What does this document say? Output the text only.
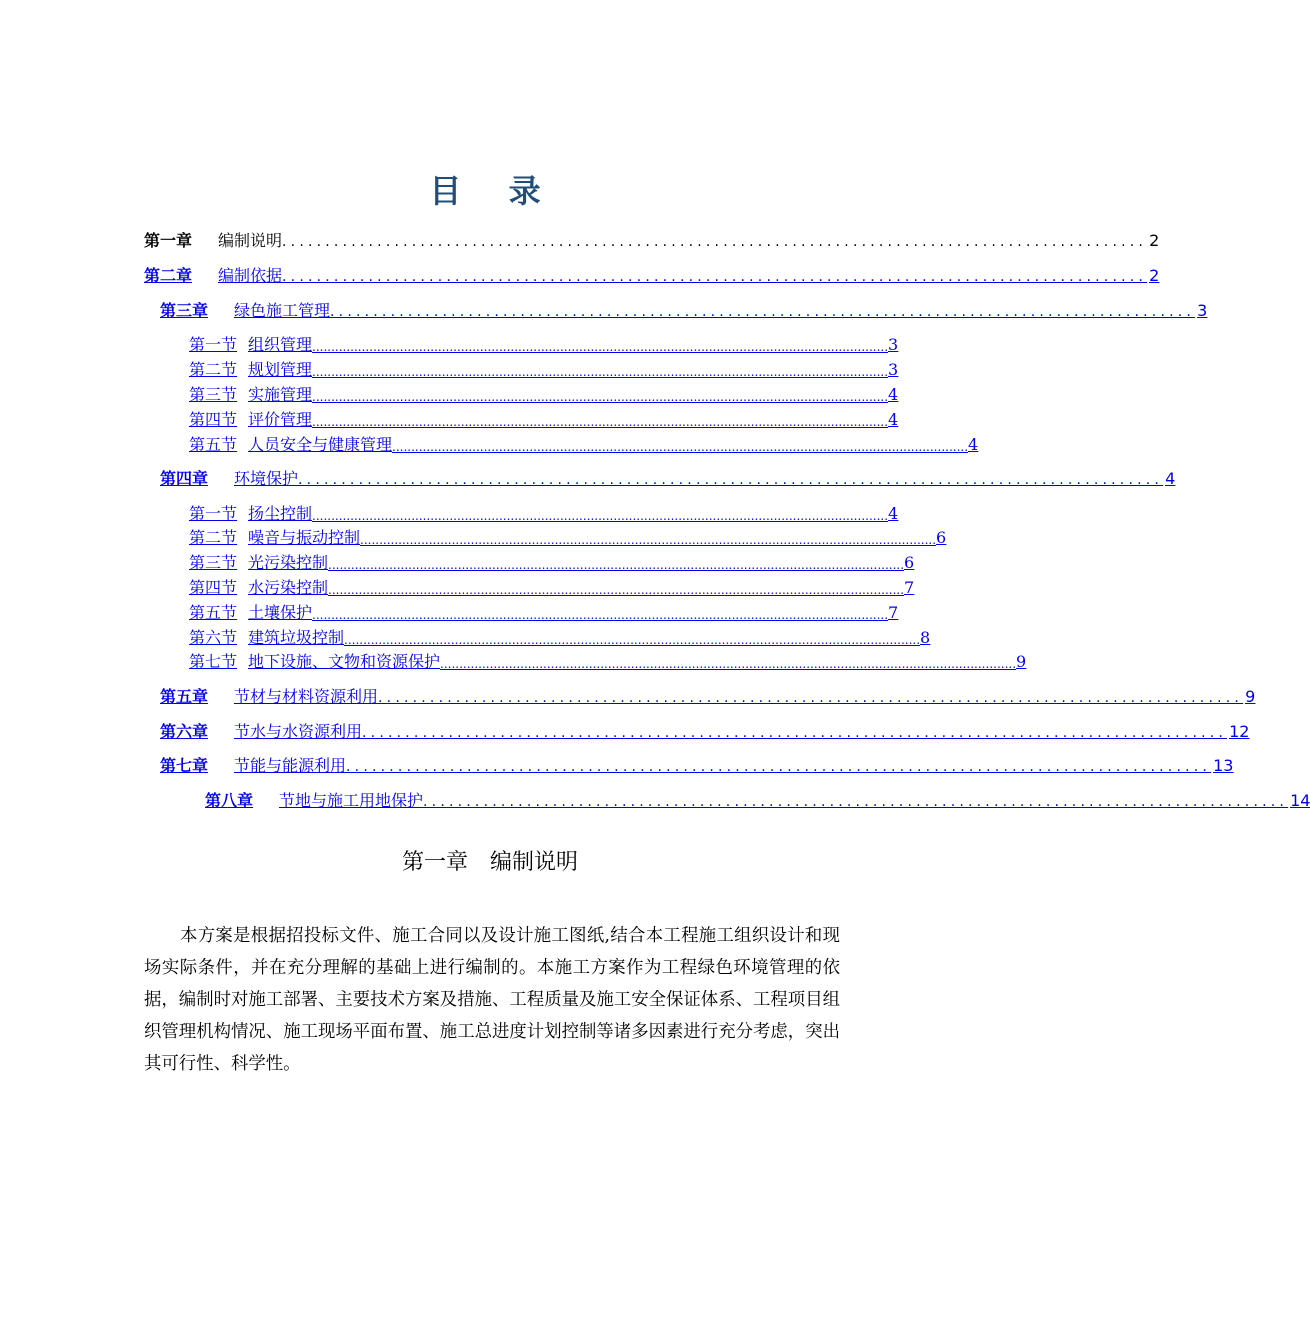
目 录
第一章 编制说明 .................................................................................................... 2
第二章 编制依据 .................................................................................................... 2
第三章 绿色施工管理 .................................................................................................... 3
第一节 组织管理 ....................................................................................................................................................... 3
第二节 规划管理 ....................................................................................................................................................... 3
第三节 实施管理 ....................................................................................................................................................... 4
第四节 评价管理 ....................................................................................................................................................... 4
第五节 人员安全与健康管理 ....................................................................................................................................................... 4
第四章 环境保护 .................................................................................................... 4
第一节 扬尘控制 ....................................................................................................................................................... 4
第二节 噪音与振动控制 ....................................................................................................................................................... 6
第三节 光污染控制 ....................................................................................................................................................... 6
第四节 水污染控制 ....................................................................................................................................................... 7
第五节 土壤保护 ....................................................................................................................................................... 7
第六节 建筑垃圾控制 ....................................................................................................................................................... 8
第七节 地下设施、文物和资源保护 ....................................................................................................................................................... 9
第五章 节材与材料资源利用 .................................................................................................... 9
第六章 节水与水资源利用 .................................................................................................... 12
第七章 节能与能源利用 .................................................................................................... 13
第八章 节地与施工用地保护 .................................................................................................... 14
第一章　编制说明
本方案是根据招投标文件、施工合同以及设计施工图纸,结合本工程施工组织设计和现场实际条件，并在充分理解的基础上进行编制的。本施工方案作为工程绿色环境管理的依据，编制时对施工部署、主要技术方案及措施、工程质量及施工安全保证体系、工程项目组织管理机构情况、施工现场平面布置、施工总进度计划控制等诸多因素进行充分考虑，突出其可行性、科学性。
